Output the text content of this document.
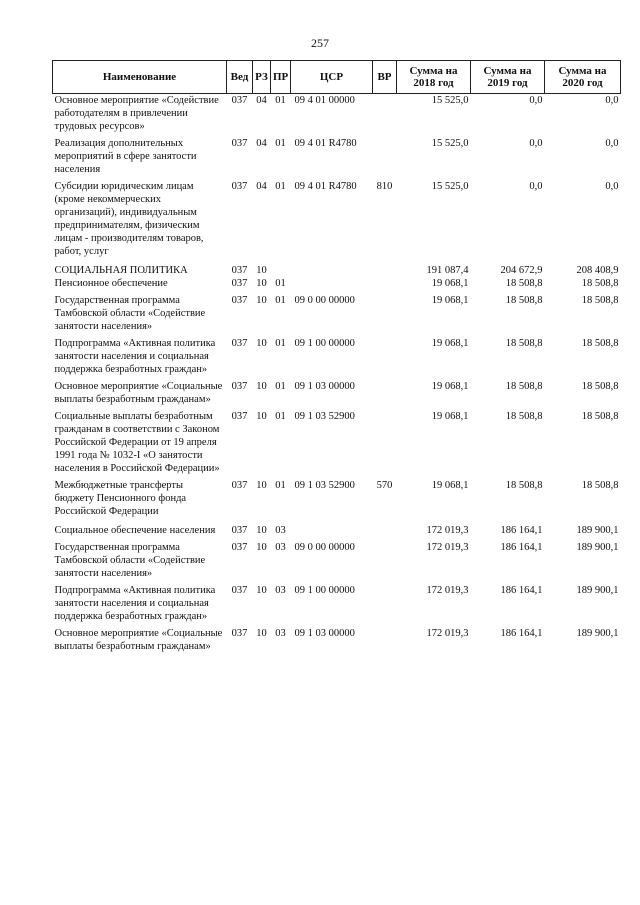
257
Наименование	Вед	РЗ	ПР	ЦСР	ВР	Сумма на 2018 год	Сумма на 2019 год	Сумма на 2020 год
Основное мероприятие «Содействие работодателям в привлечении трудовых ресурсов»	037	04	01	09 4 01 00000		15 525,0	0,0	0,0
Реализация дополнительных мероприятий в сфере занятости населения	037	04	01	09 4 01 R4780		15 525,0	0,0	0,0
Субсидии юридическим лицам (кроме некоммерческих организаций), индивидуальным предпринимателям, физическим лицам - производителям товаров, работ, услуг	037	04	01	09 4 01 R4780	810	15 525,0	0,0	0,0
СОЦИАЛЬНАЯ ПОЛИТИКА	037	10				191 087,4	204 672,9	208 408,9
Пенсионное обеспечение	037	10	01			19 068,1	18 508,8	18 508,8
Государственная программа Тамбовской области «Содействие занятости населения»	037	10	01	09 0 00 00000		19 068,1	18 508,8	18 508,8
Подпрограмма «Активная политика занятости населения и социальная поддержка безработных граждан»	037	10	01	09 1 00 00000		19 068,1	18 508,8	18 508,8
Основное мероприятие «Социальные выплаты безработным гражданам»	037	10	01	09 1 03 00000		19 068,1	18 508,8	18 508,8
Социальные выплаты безработным гражданам в соответствии с Законом Российской Федерации от 19 апреля 1991 года № 1032-I «О занятости населения в Российской Федерации»	037	10	01	09 1 03 52900		19 068,1	18 508,8	18 508,8
Межбюджетные трансферты бюджету Пенсионного фонда Российской Федерации	037	10	01	09 1 03 52900	570	19 068,1	18 508,8	18 508,8
Социальное обеспечение населения	037	10	03			172 019,3	186 164,1	189 900,1
Государственная программа Тамбовской области «Содействие занятости населения»	037	10	03	09 0 00 00000		172 019,3	186 164,1	189 900,1
Подпрограмма «Активная политика занятости населения и социальная поддержка безработных граждан»	037	10	03	09 1 00 00000		172 019,3	186 164,1	189 900,1
Основное мероприятие «Социальные выплаты безработным гражданам»	037	10	03	09 1 03 00000		172 019,3	186 164,1	189 900,1
